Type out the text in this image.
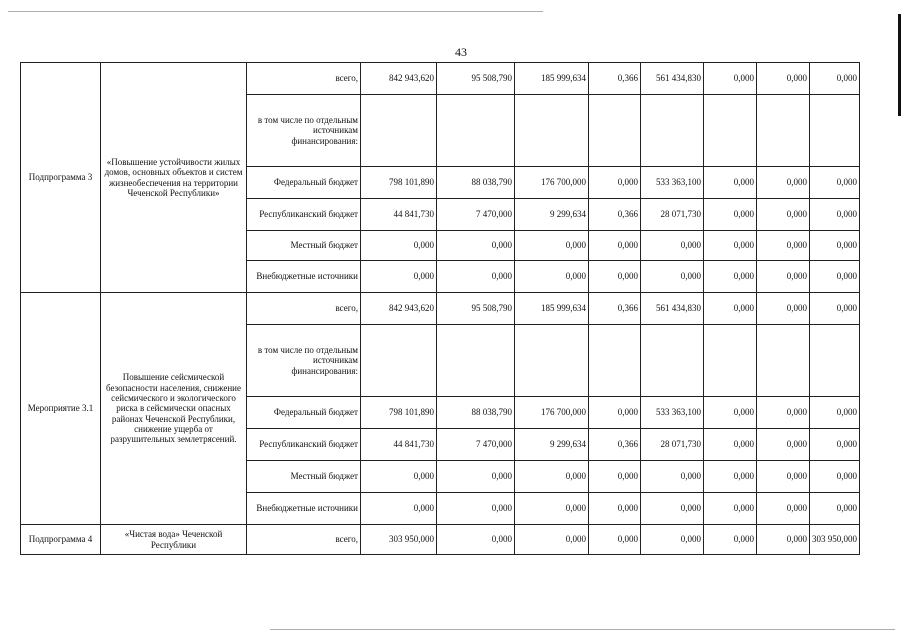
43
Подпрограмма 3	«Повышение устойчивости жилых домов, основных объектов и систем жизнеобеспечения на территории Чеченской Республики»	всего,	842 943,620	95 508,790	185 999,634	0,366	561 434,830	0,000	0,000	0,000
		в том числе по отдельным источникам финансирования:								
		Федеральный бюджет	798 101,890	88 038,790	176 700,000	0,000	533 363,100	0,000	0,000	0,000
		Республиканский бюджет	44 841,730	7 470,000	9 299,634	0,366	28 071,730	0,000	0,000	0,000
		Местный бюджет	0,000	0,000	0,000	0,000	0,000	0,000	0,000	0,000
		Внебюджетные источники	0,000	0,000	0,000	0,000	0,000	0,000	0,000	0,000
Мероприятие 3.1	Повышение сейсмической безопасности населения, снижение сейсмического и экологического риска в сейсмически опасных районах Чеченской Республики, снижение ущерба от разрушительных землетрясений.	всего,	842 943,620	95 508,790	185 999,634	0,366	561 434,830	0,000	0,000	0,000
		в том числе по отдельным источникам финансирования:								
		Федеральный бюджет	798 101,890	88 038,790	176 700,000	0,000	533 363,100	0,000	0,000	0,000
		Республиканский бюджет	44 841,730	7 470,000	9 299,634	0,366	28 071,730	0,000	0,000	0,000
		Местный бюджет	0,000	0,000	0,000	0,000	0,000	0,000	0,000	0,000
		Внебюджетные источники	0,000	0,000	0,000	0,000	0,000	0,000	0,000	0,000
Подпрограмма 4	«Чистая вода» Чеченской Республики	всего,	303 950,000	0,000	0,000	0,000	0,000	0,000	0,000	303 950,000
